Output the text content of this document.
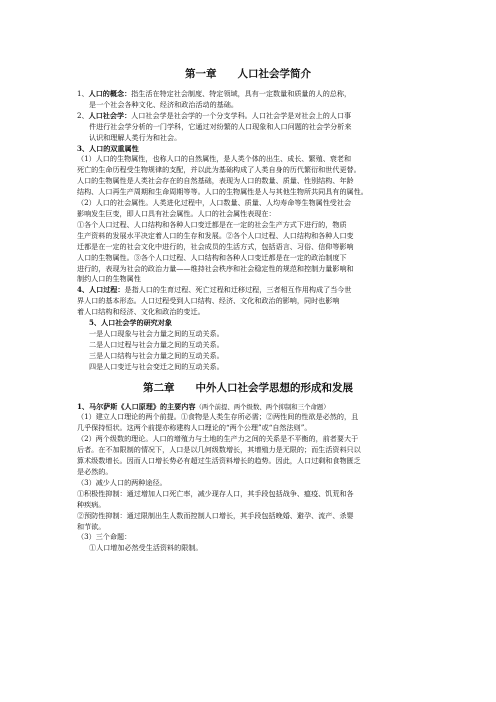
第一章　　人口社会学简介
1、人口的概念：指生活在特定社会制度、特定领域，具有一定数量和质量的人的总称，
是一个社会各种文化、经济和政治活动的基础。
2、人口社会学：人口社会学是社会学的一个分支学科。人口社会学是对社会上的人口事
件进行社会学分析的一门学科，它通过对纷繁的人口现象和人口问题的社会学分析来
认识和理解人类行为和社会。
3、人口的双重属性
（1）人口的生物属性，也称人口的自然属性，是人类个体的出生、成长、繁殖、衰老和
死亡的生命历程受生物规律的支配，并以此为基础构成了人类自身的历代繁衍和世代更替。
人口的生物属性是人类社会存在的自然基础，表现为人口的数量、质量、性别结构、年龄
结构、人口再生产周期和生命周期等等。人口的生物属性是人与其他生物所共同具有的属性。
（2）人口的社会属性。人类进化过程中，人口数量、质量、人均寿命等生物属性受社会
影响发生巨变，即人口具有社会属性。人口的社会属性表现在：
①各个人口过程、人口结构和各种人口变迁都是在一定的社会生产方式下进行的，物质
生产资料的发展水平决定着人口的生存和发展。②各个人口过程、人口结构和各种人口变
迁都是在一定的社会文化中进行的，社会成员的生活方式，包括语言、习俗、信仰等影响
人口的生物属性。③各个人口过程、人口结构和各种人口变迁都是在一定的政治制度下
进行的，表现为社会的政治力量——维持社会秩序和社会稳定性的规范和控制力量影响和
制约人口的生物属性
4、人口过程：是指人口的生育过程、死亡过程和迁移过程，三者相互作用构成了当今世
界人口的基本形态。人口过程受到人口结构、经济、文化和政治的影响，同时也影响
着人口结构和经济、文化和政治的变迁。
5、人口社会学的研究对象
一是人口现象与社会力量之间的互动关系。
二是人口过程与社会力量之间的互动关系。
三是人口结构与社会力量之间的互动关系。
四是人口变迁与社会变迁之间的互动关系。
第二章　　中外人口社会学思想的形成和发展
1、马尔萨斯《人口原理》的主要内容（两个前提、两个级数、两个抑制和三个命题）
（1）建立人口理论的两个前提。①食物是人类生存所必需；②两性间的性欲是必然的，且
几乎保持恒状。这两个前提亦称建构人口理论的“两个公理”或“自然法则”。
（2）两个级数的理论。人口的增殖力与土地的生产力之间的关系是不平衡的，前者要大于
后者。在不加限制的情况下，人口是以几何级数增长，其增殖力是无限的；而生活资料只以
算术级数增长。因而人口增长势必有超过生活资料增长的趋势。因此，人口过剩和食物匮乏
是必然的。
（3）减少人口的两种途径。
①积极性抑制：通过增加人口死亡率，减少现存人口，其手段包括战争、瘟疫、饥荒和各
种疾病。
②预防性抑制：通过限制出生人数而控制人口增长，其手段包括晚婚、避孕、流产、杀婴
和节欲。
（3）三个命题：
①人口增加必然受生活资料的限制。
